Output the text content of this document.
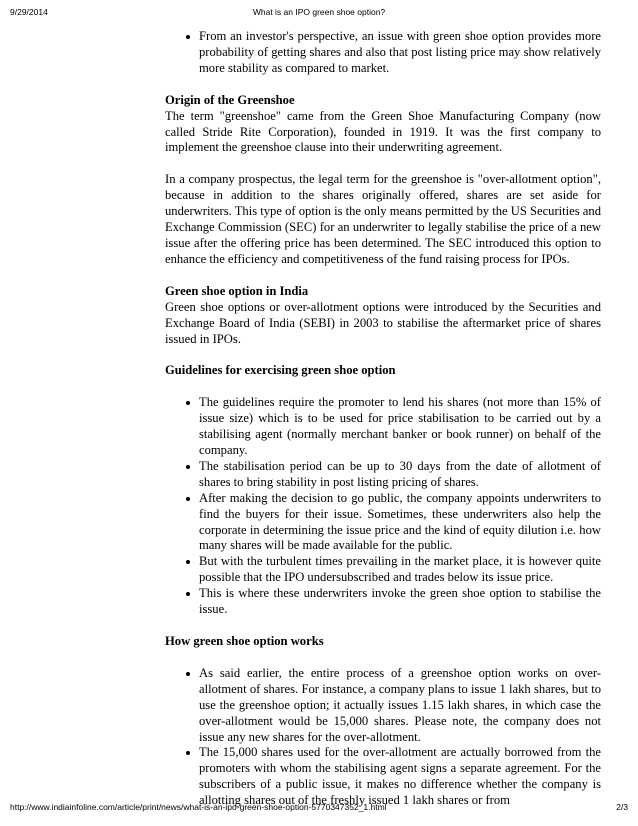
9/29/2014	What is an IPO green shoe option?
From an investor's perspective, an issue with green shoe option provides more probability of getting shares and also that post listing price may show relatively more stability as compared to market.
Origin of the Greenshoe

The term "greenshoe" came from the Green Shoe Manufacturing Company (now called Stride Rite Corporation), founded in 1919. It was the first company to implement the greenshoe clause into their underwriting agreement.

In a company prospectus, the legal term for the greenshoe is "over-allotment option", because in addition to the shares originally offered, shares are set aside for underwriters. This type of option is the only means permitted by the US Securities and Exchange Commission (SEC) for an underwriter to legally stabilise the price of a new issue after the offering price has been determined. The SEC introduced this option to enhance the efficiency and competitiveness of the fund raising process for IPOs.

Green shoe option in India

Green shoe options or over-allotment options were introduced by the Securities and Exchange Board of India (SEBI) in 2003 to stabilise the aftermarket price of shares issued in IPOs.

Guidelines for exercising green shoe option
The guidelines require the promoter to lend his shares (not more than 15% of issue size) which is to be used for price stabilisation to be carried out by a stabilising agent (normally merchant banker or book runner) on behalf of the company.
The stabilisation period can be up to 30 days from the date of allotment of shares to bring stability in post listing pricing of shares.
After making the decision to go public, the company appoints underwriters to find the buyers for their issue. Sometimes, these underwriters also help the corporate in determining the issue price and the kind of equity dilution i.e. how many shares will be made available for the public.
But with the turbulent times prevailing in the market place, it is however quite possible that the IPO undersubscribed and trades below its issue price.
This is where these underwriters invoke the green shoe option to stabilise the issue.
How green shoe option works
As said earlier, the entire process of a greenshoe option works on over-allotment of shares. For instance, a company plans to issue 1 lakh shares, but to use the greenshoe option; it actually issues 1.15 lakh shares, in which case the over-allotment would be 15,000 shares. Please note, the company does not issue any new shares for the over-allotment.
The 15,000 shares used for the over-allotment are actually borrowed from the promoters with whom the stabilising agent signs a separate agreement. For the subscribers of a public issue, it makes no difference whether the company is allotting shares out of the freshly issued 1 lakh shares or from
http://www.indiainfoline.com/article/print/news/what-is-an-ipo-green-shoe-option-5770347352_1.html	2/3
